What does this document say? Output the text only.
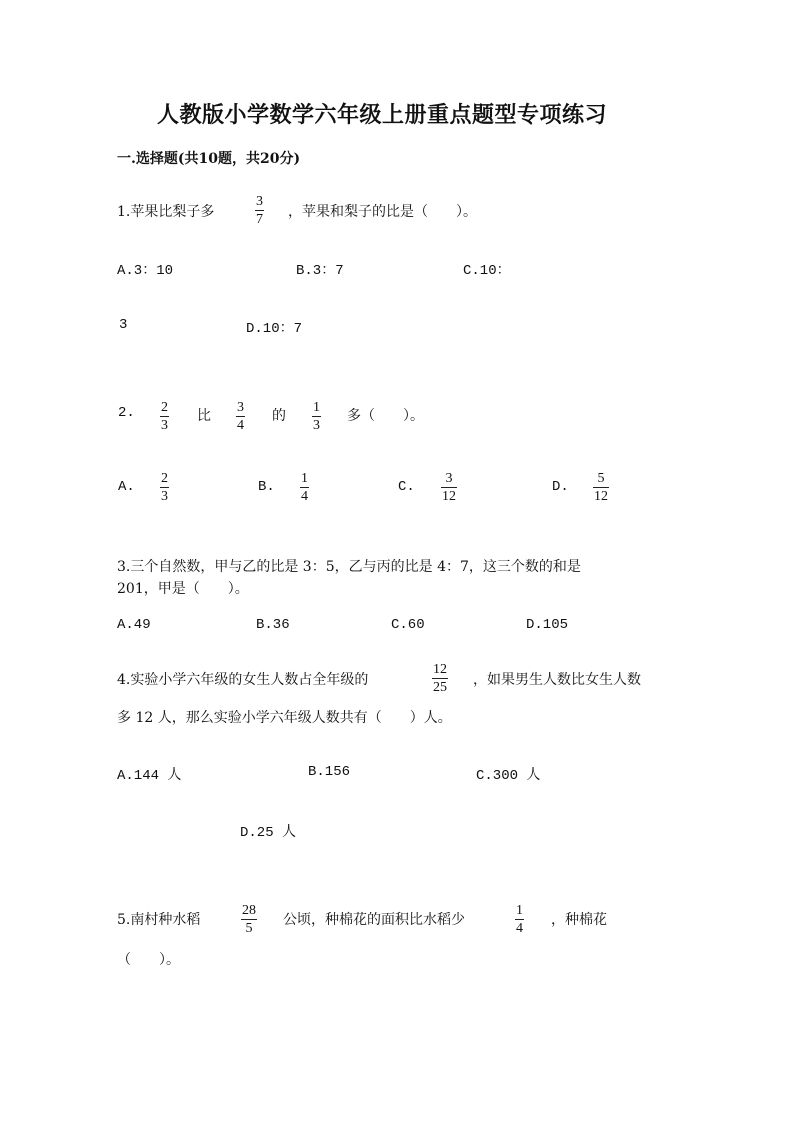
人教版小学数学六年级上册重点题型专项练习
一.选择题(共10题，共20分)
1.苹果比梨子多
3
7 ，苹果和梨子的比是（　　）。
A.3：10	B.3：7	C.10：
3	D.10：7
2. 2
3
比
3
4
的
1
3
多（　　）。
A.
2
3
B.
1
4
C.
3
12
D.
5
12
3.三个自然数，甲与乙的比是 3：5，乙与丙的比是 4：7，这三个数的和是
201，甲是（　　）。
A.49	B.36	C.60	D.105
4.实验小学六年级的女生人数占全年级的
12
25 ，如果男生人数比女生人数
多 12 人，那么实验小学六年级人数共有（　　）人。
A.144 人	B.156	C.300 人
D.25 人
5.南村种水稻
28
5
公顷，种棉花的面积比水稻少
1
4
，种棉花
（　　）。
